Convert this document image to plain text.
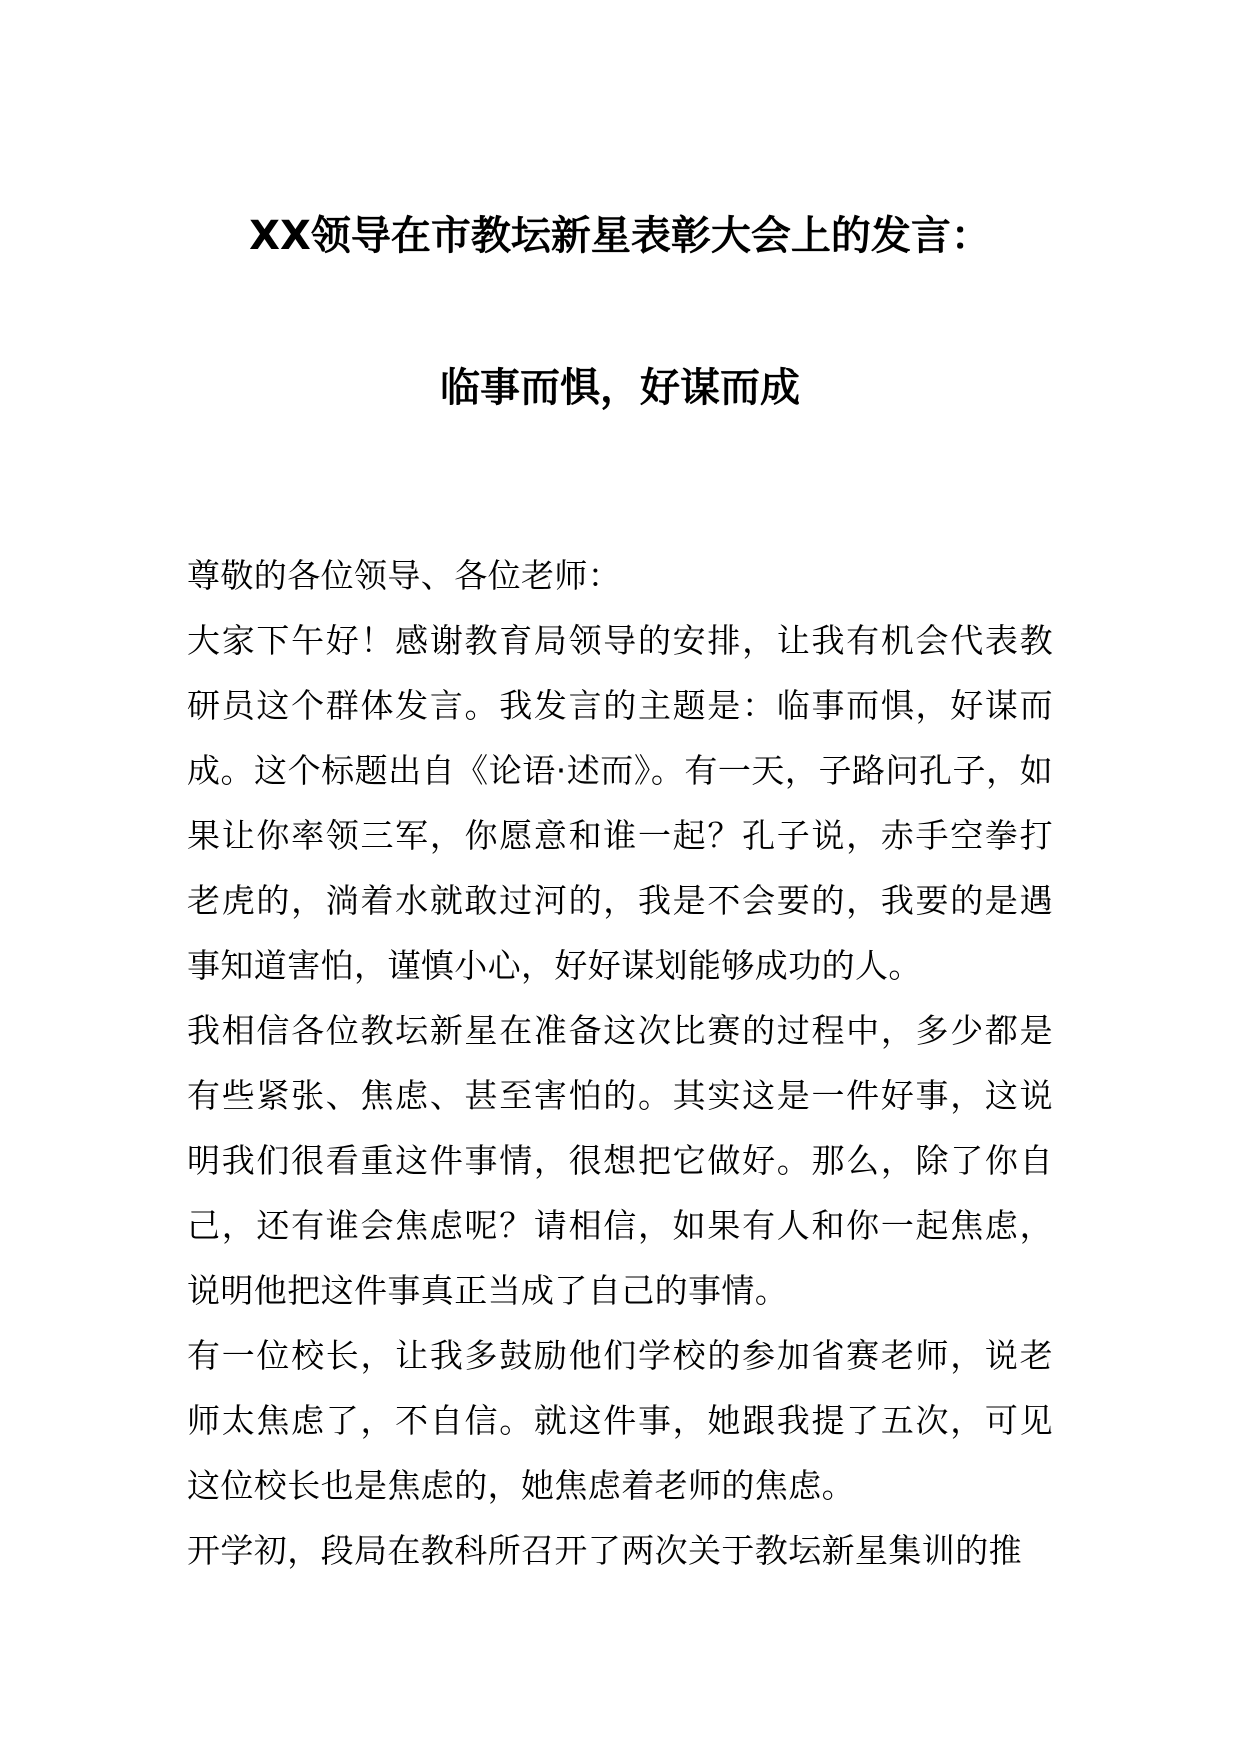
XX领导在市教坛新星表彰大会上的发言：
临事而惧，好谋而成

尊敬的各位领导、各位老师：

大家下午好！感谢教育局领导的安排，让我有机会代表教研员这个群体发言。我发言的主题是：临事而惧，好谋而成。这个标题出自《论语·述而》。有一天，子路问孔子，如果让你率领三军，你愿意和谁一起？孔子说，赤手空拳打老虎的，淌着水就敢过河的，我是不会要的，我要的是遇事知道害怕，谨慎小心，好好谋划能够成功的人。

我相信各位教坛新星在准备这次比赛的过程中，多少都是有些紧张、焦虑、甚至害怕的。其实这是一件好事，这说明我们很看重这件事情，很想把它做好。那么，除了你自己，还有谁会焦虑呢？请相信，如果有人和你一起焦虑，说明他把这件事真正当成了自己的事情。

有一位校长，让我多鼓励他们学校的参加省赛老师，说老师太焦虑了，不自信。就这件事，她跟我提了五次，可见这位校长也是焦虑的，她焦虑着老师的焦虑。

开学初，段局在教科所召开了两次关于教坛新星集训的推
